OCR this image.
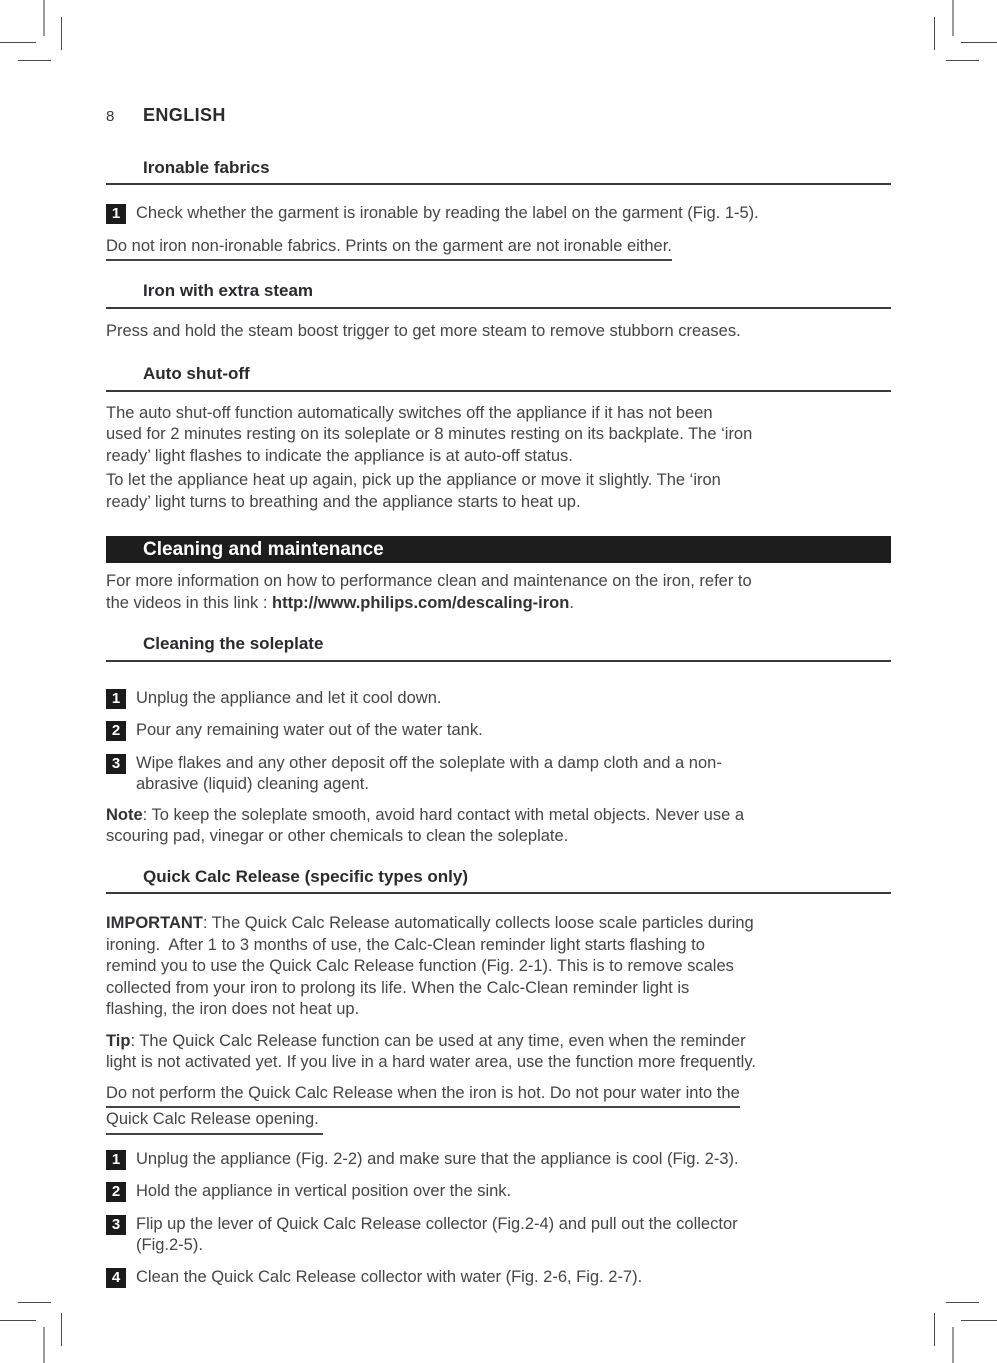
8	ENGLISH
Ironable fabrics
1 Check whether the garment is ironable by reading the label on the garment (Fig. 1-5).
Do not iron non-ironable fabrics. Prints on the garment are not ironable either.
Iron with extra steam
Press and hold the steam boost trigger to get more steam to remove stubborn creases.
Auto shut-off
The auto shut-off function automatically switches off the appliance if it has not been
used for 2 minutes resting on its soleplate or 8 minutes resting on its backplate. The ‘iron
ready’ light flashes to indicate the appliance is at auto-off status.
To let the appliance heat up again, pick up the appliance or move it slightly. The ‘iron
ready’ light turns to breathing and the appliance starts to heat up.
Cleaning and maintenance
For more information on how to performance clean and maintenance on the iron, refer to
the videos in this link : http://www.philips.com/descaling-iron.
Cleaning the soleplate
1 Unplug the appliance and let it cool down.
2 Pour any remaining water out of the water tank.
3 Wipe flakes and any other deposit off the soleplate with a damp cloth and a non-
abrasive (liquid) cleaning agent.
Note: To keep the soleplate smooth, avoid hard contact with metal objects. Never use a
scouring pad, vinegar or other chemicals to clean the soleplate.
Quick Calc Release (specific types only)
IMPORTANT: The Quick Calc Release automatically collects loose scale particles during
ironing.  After 1 to 3 months of use, the Calc-Clean reminder light starts flashing to
remind you to use the Quick Calc Release function (Fig. 2-1). This is to remove scales
collected from your iron to prolong its life. When the Calc-Clean reminder light is
flashing, the iron does not heat up.
Tip: The Quick Calc Release function can be used at any time, even when the reminder
light is not activated yet. If you live in a hard water area, use the function more frequently.
Do not perform the Quick Calc Release when the iron is hot. Do not pour water into the
Quick Calc Release opening.
1 Unplug the appliance (Fig. 2-2) and make sure that the appliance is cool (Fig. 2-3).
2 Hold the appliance in vertical position over the sink.
3 Flip up the lever of Quick Calc Release collector (Fig.2-4) and pull out the collector
(Fig.2-5).
4 Clean the Quick Calc Release collector with water (Fig. 2-6, Fig. 2-7).
